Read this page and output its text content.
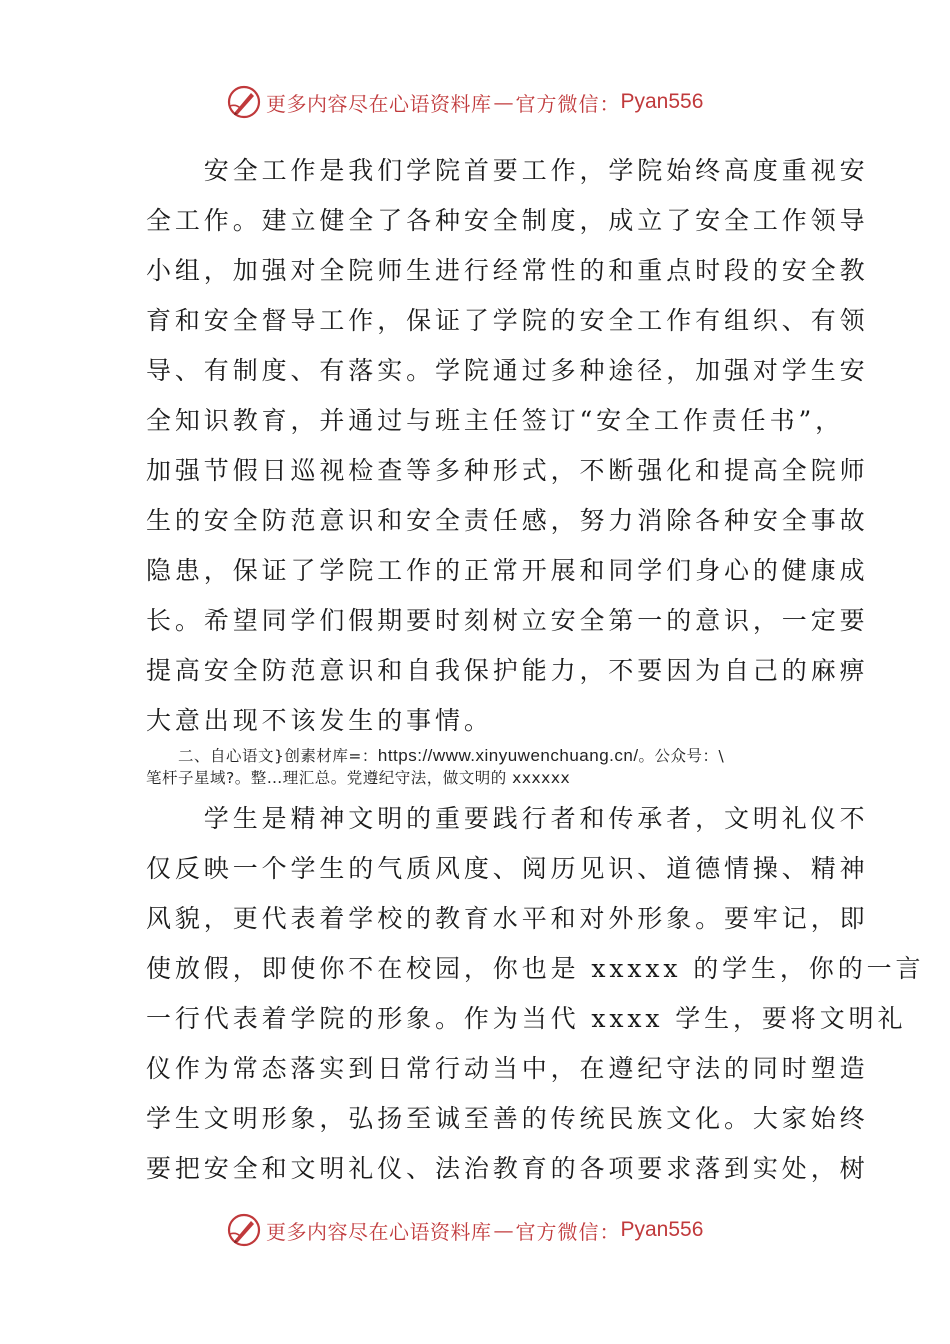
更多内容尽在心语资料库 — 官方微信： Pyan556
　　安全工作是我们学院首要工作，学院始终高度重视安
全工作。建立健全了各种安全制度，成立了安全工作领导
小组，加强对全院师生进行经常性的和重点时段的安全教
育和安全督导工作，保证了学院的安全工作有组织、有领
导、有制度、有落实。学院通过多种途径，加强对学生安
全知识教育，并通过与班主任签订“安全工作责任书”，
加强节假日巡视检查等多种形式，不断强化和提高全院师
生的安全防范意识和安全责任感，努力消除各种安全事故
隐患，保证了学院工作的正常开展和同学们身心的健康成
长。希望同学们假期要时刻树立安全第一的意识，一定要
提高安全防范意识和自我保护能力，不要因为自己的麻痹
大意出现不该发生的事情。
　　二、自心语文}创素材库=：https://www.xinyuwenchuang.cn/。公众号：\
笔杆子星域?。整…理汇总。党遵纪守法，做文明的 xxxxxx
　　学生是精神文明的重要践行者和传承者，文明礼仪不
仅反映一个学生的气质风度、阅历见识、道德情操、精神
风貌，更代表着学校的教育水平和对外形象。要牢记，即
使放假，即使你不在校园，你也是 xxxxx 的学生，你的一言
一行代表着学院的形象。作为当代 xxxx 学生，要将文明礼
仪作为常态落实到日常行动当中，在遵纪守法的同时塑造
学生文明形象，弘扬至诚至善的传统民族文化。大家始终
要把安全和文明礼仪、法治教育的各项要求落到实处，树
更多内容尽在心语资料库 — 官方微信： Pyan556
